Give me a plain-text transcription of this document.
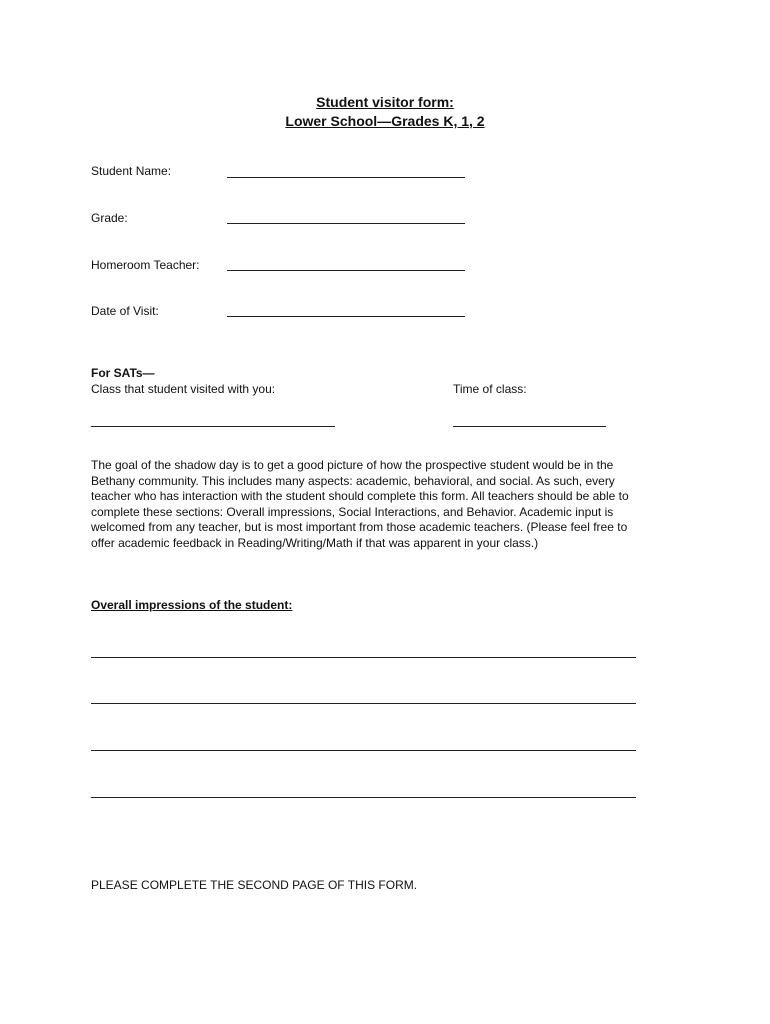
Student visitor form:
Lower School—Grades K, 1, 2
Student Name:
Grade:
Homeroom Teacher:
Date of Visit:
For SATs—
Class that student visited with you:	Time of class:
The goal of the shadow day is to get a good picture of how the prospective student would be in the
Bethany community. This includes many aspects: academic, behavioral, and social. As such, every
teacher who has interaction with the student should complete this form. All teachers should be able to
complete these sections: Overall impressions, Social Interactions, and Behavior. Academic input is
welcomed from any teacher, but is most important from those academic teachers. (Please feel free to
offer academic feedback in Reading/Writing/Math if that was apparent in your class.)
Overall impressions of the student:
PLEASE COMPLETE THE SECOND PAGE OF THIS FORM.
